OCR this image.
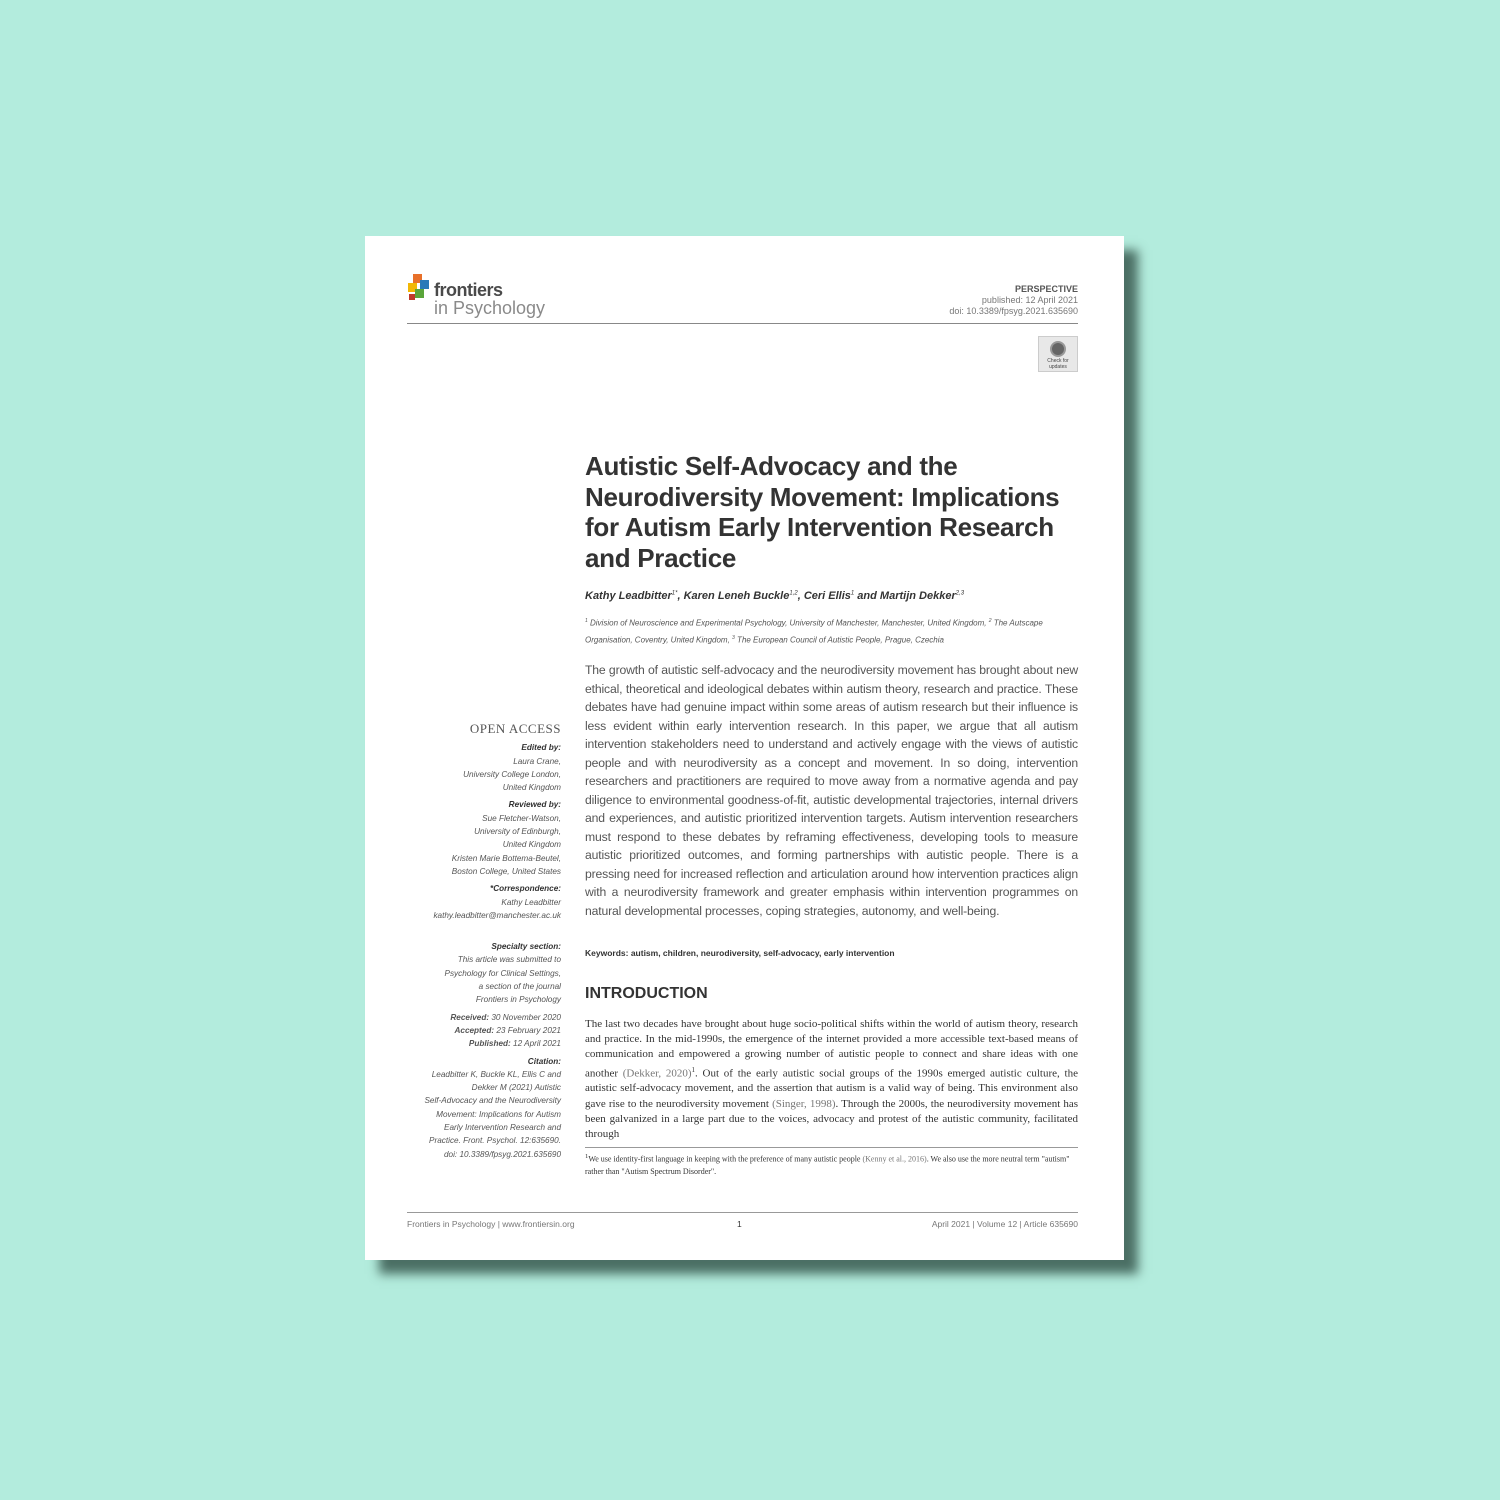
frontiers
in Psychology
PERSPECTIVE
published: 12 April 2021
doi: 10.3389/fpsyg.2021.635690
Check for updates
Autistic Self-Advocacy and the Neurodiversity Movement: Implications for Autism Early Intervention Research and Practice
Kathy Leadbitter$^{1*}$, Karen Leneh Buckle$^{1,2}$, Ceri Ellis$^1$ and Martijn Dekker$^{2,3}$
$^1$ Division of Neuroscience and Experimental Psychology, University of Manchester, Manchester, United Kingdom, $^2$ The Autscape Organisation, Coventry, United Kingdom, $^3$ The European Council of Autistic People, Prague, Czechia
The growth of autistic self-advocacy and the neurodiversity movement has brought about new ethical, theoretical and ideological debates within autism theory, research and practice. These debates have had genuine impact within some areas of autism research but their influence is less evident within early intervention research. In this paper, we argue that all autism intervention stakeholders need to understand and actively engage with the views of autistic people and with neurodiversity as a concept and movement. In so doing, intervention researchers and practitioners are required to move away from a normative agenda and pay diligence to environmental goodness-of-fit, autistic developmental trajectories, internal drivers and experiences, and autistic prioritized intervention targets. Autism intervention researchers must respond to these debates by reframing effectiveness, developing tools to measure autistic prioritized outcomes, and forming partnerships with autistic people. There is a pressing need for increased reflection and articulation around how intervention practices align with a neurodiversity framework and greater emphasis within intervention programmes on natural developmental processes, coping strategies, autonomy, and well-being.
Keywords: autism, children, neurodiversity, self-advocacy, early intervention
INTRODUCTION
The last two decades have brought about huge socio-political shifts within the world of autism theory, research and practice. In the mid-1990s, the emergence of the internet provided a more accessible text-based means of communication and empowered a growing number of autistic people to connect and share ideas with one another (Dekker, 2020)$^1$. Out of the early autistic social groups of the 1990s emerged autistic culture, the autistic self-advocacy movement, and the assertion that autism is a valid way of being. This environment also gave rise to the neurodiversity movement (Singer, 1998). Through the 2000s, the neurodiversity movement has been galvanized in a large part due to the voices, advocacy and protest of the autistic community, facilitated through
$^1$We use identity-first language in keeping with the preference of many autistic people (Kenny et al., 2016). We also use the more neutral term "autism" rather than "Autism Spectrum Disorder".
OPEN ACCESS
Edited by:
Laura Crane,
University College London,
United Kingdom
Reviewed by:
Sue Fletcher-Watson,
University of Edinburgh,
United Kingdom
Kristen Marie Bottema-Beutel,
Boston College, United States
*Correspondence:
Kathy Leadbitter
kathy.leadbitter@manchester.ac.uk
Specialty section:
This article was submitted to
Psychology for Clinical Settings,
a section of the journal
Frontiers in Psychology
Received: 30 November 2020
Accepted: 23 February 2021
Published: 12 April 2021
Citation:
Leadbitter K, Buckle KL, Ellis C and
Dekker M (2021) Autistic
Self-Advocacy and the Neurodiversity
Movement: Implications for Autism
Early Intervention Research and
Practice. Front. Psychol. 12:635690.
doi: 10.3389/fpsyg.2021.635690
Frontiers in Psychology | www.frontiersin.org	1	April 2021 | Volume 12 | Article 635690
